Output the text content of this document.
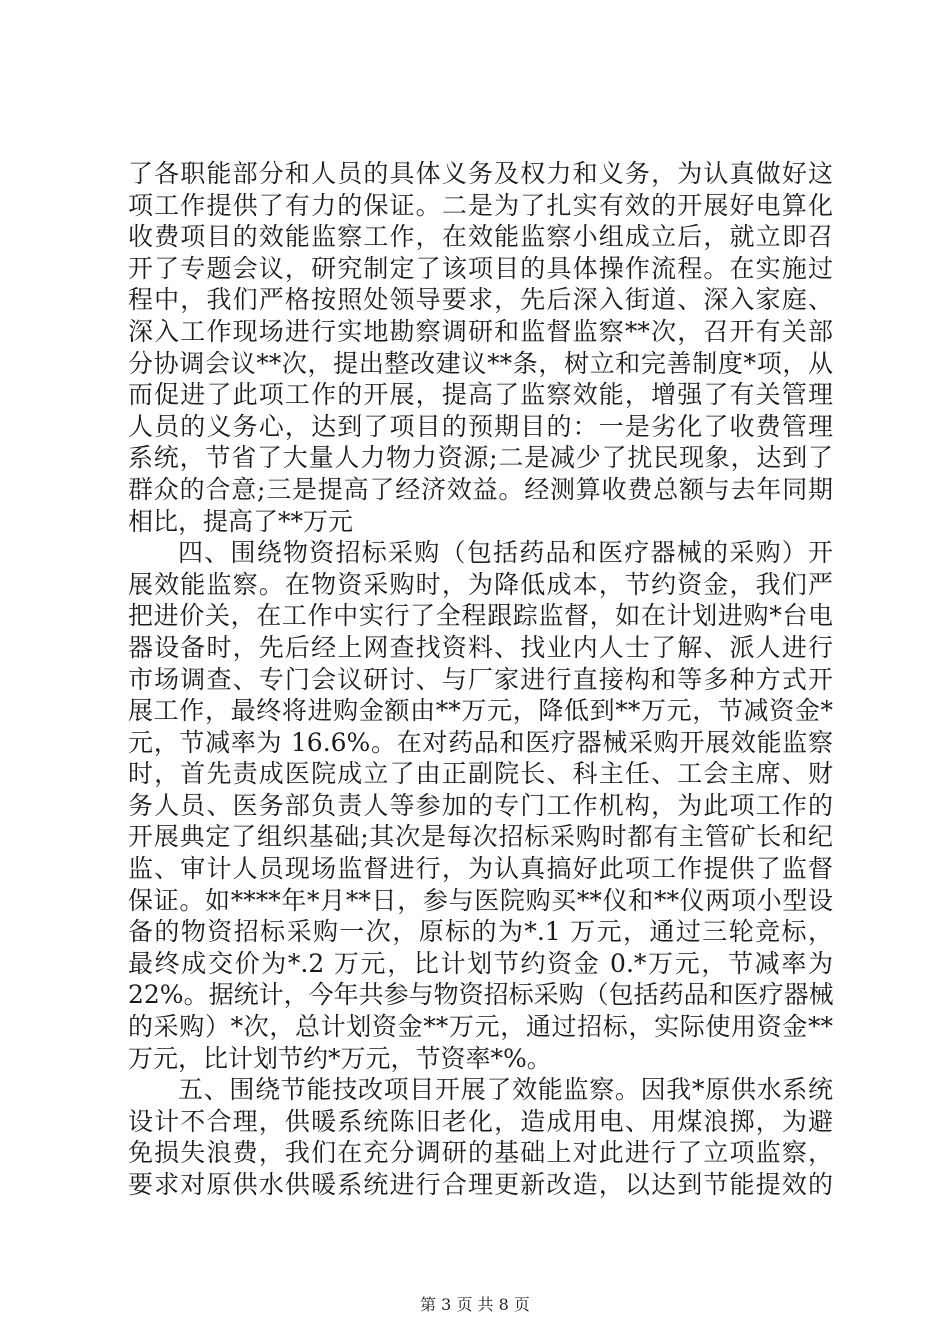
了各职能部分和人员的具体义务及权力和义务，为认真做好这
项工作提供了有力的保证。二是为了扎实有效的开展好电算化
收费项目的效能监察工作，在效能监察小组成立后，就立即召
开了专题会议，研究制定了该项目的具体操作流程。在实施过
程中，我们严格按照处领导要求，先后深入街道、深入家庭、
深入工作现场进行实地勘察调研和监督监察**次，召开有关部
分协调会议**次，提出整改建议**条，树立和完善制度*项，从
而促进了此项工作的开展，提高了监察效能，增强了有关管理
人员的义务心，达到了项目的预期目的：一是劣化了收费管理
系统，节省了大量人力物力资源;二是减少了扰民现象，达到了
群众的合意;三是提高了经济效益。经测算收费总额与去年同期
相比，提高了**万元
四、围绕物资招标采购（包括药品和医疗器械的采购）开
展效能监察。在物资采购时，为降低成本，节约资金，我们严
把进价关，在工作中实行了全程跟踪监督，如在计划进购*台电
器设备时，先后经上网查找资料、找业内人士了解、派人进行
市场调查、专门会议研讨、与厂家进行直接构和等多种方式开
展工作，最终将进购金额由**万元，降低到**万元，节减资金*
元，节减率为 16.6%。在对药品和医疗器械采购开展效能监察
时，首先责成医院成立了由正副院长、科主任、工会主席、财
务人员、医务部负责人等参加的专门工作机构，为此项工作的
开展典定了组织基础;其次是每次招标采购时都有主管矿长和纪
监、审计人员现场监督进行，为认真搞好此项工作提供了监督
保证。如****年*月**日，参与医院购买**仪和**仪两项小型设
备的物资招标采购一次，原标的为*.1 万元，通过三轮竞标，
最终成交价为*.2 万元，比计划节约资金 0.*万元，节减率为
22%。据统计，今年共参与物资招标采购（包括药品和医疗器械
的采购）*次，总计划资金**万元，通过招标，实际使用资金**
万元，比计划节约*万元，节资率*%。
五、围绕节能技改项目开展了效能监察。因我*原供水系统
设计不合理，供暖系统陈旧老化，造成用电、用煤浪掷，为避
免损失浪费，我们在充分调研的基础上对此进行了立项监察，
要求对原供水供暖系统进行合理更新改造，以达到节能提效的
第 3 页 共 8 页
